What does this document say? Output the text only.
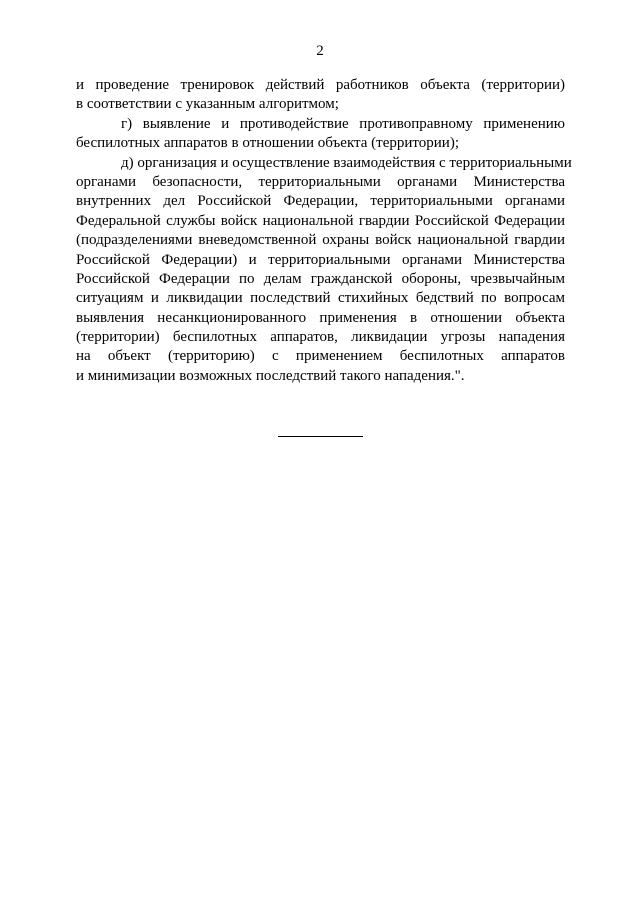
2
и проведение тренировок действий работников объекта (территории)
в соответствии с указанным алгоритмом;
г) выявление и противодействие противоправному применению
беспилотных аппаратов в отношении объекта (территории);
д) организация и осуществление взаимодействия с территориальными
органами безопасности, территориальными органами Министерства
внутренних дел Российской Федерации, территориальными органами
Федеральной службы войск национальной гвардии Российской Федерации
(подразделениями вневедомственной охраны войск национальной гвардии
Российской Федерации) и территориальными органами Министерства
Российской Федерации по делам гражданской обороны, чрезвычайным
ситуациям и ликвидации последствий стихийных бедствий по вопросам
выявления несанкционированного применения в отношении объекта
(территории) беспилотных аппаратов, ликвидации угрозы нападения
на объект (территорию) с применением беспилотных аппаратов
и минимизации возможных последствий такого нападения.".
